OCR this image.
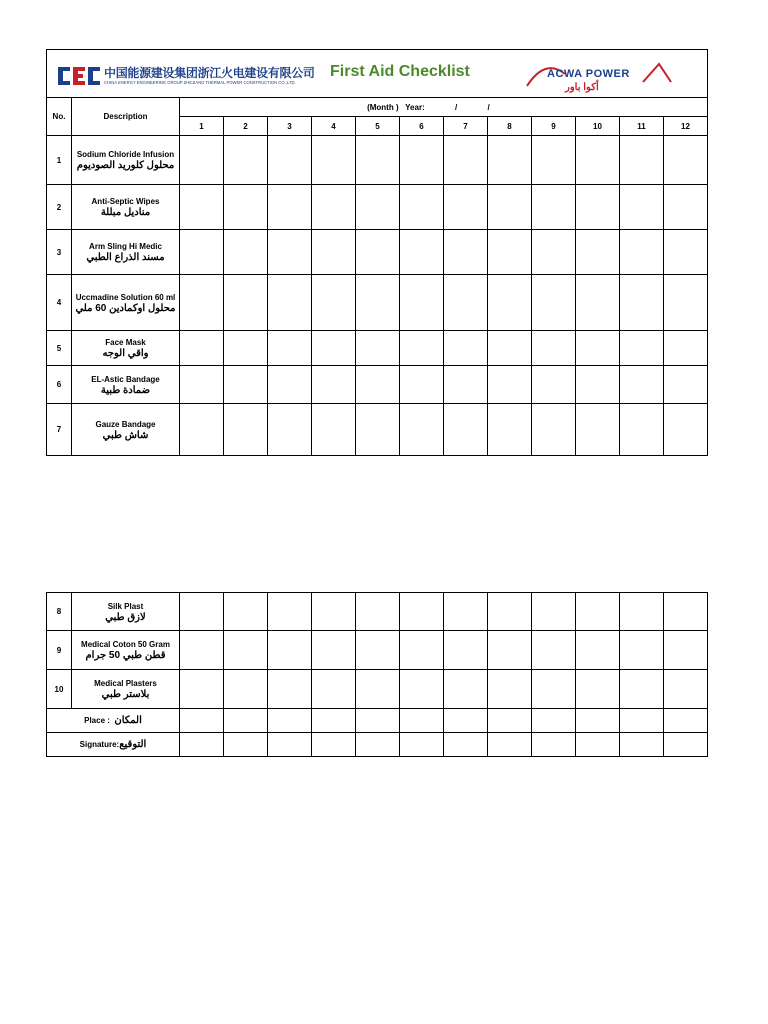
中国能源建设集团浙江火电建设有限公司
CHINA ENERGY ENGINEERING GROUP ZHEJIANG THERMAL POWER CONSTRUCTION CO.,LTD.
First Aid Checklist ACWA POWER
أكوا باور													

No.	Description	(Month ) Year: / /											
		1	2	3	4	5	6	7	8	9	10	11	12
1	Sodium Chloride Infusion
محلول كلوريد الصوديوم												

2	Anti-Septic Wipes
مناديل مبللة												

3	Arm Sling Hi Medic
مسند الذراع الطبي												

4	Uccmadine Solution 60 ml
محلول اوكمادين 60 ملي												

5	Face Mask
واقي الوجه												

6	EL-Astic Bandage
ضمادة طبية												

7	Gauze Bandage
شاش طبي												

8	Silk Plast
لازق طبي												

9	Medical Coton 50 Gram
قطن طبي 50 جرام												

10	Medical Plasters
بلاستر طبي												

Place : المكان													
Signature:التوقيع													
